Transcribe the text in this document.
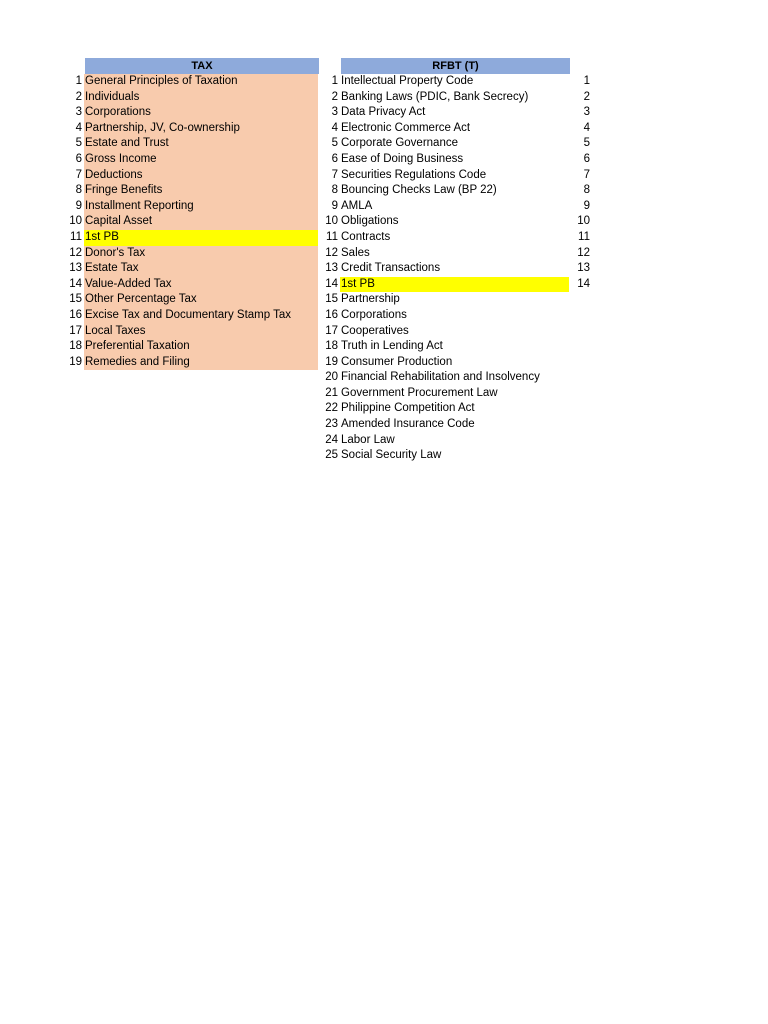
TAX	RFBT (T)
1 General Principles of Taxation
2 Individuals
3 Corporations
4 Partnership, JV, Co-ownership
5 Estate and Trust
6 Gross Income
7 Deductions
8 Fringe Benefits
9 Installment Reporting
10 Capital Asset
11 1st PB
12 Donor's Tax
13 Estate Tax
14 Value-Added Tax
15 Other Percentage Tax
16 Excise Tax and Documentary Stamp Tax
17 Local Taxes
18 Preferential Taxation
19 Remedies and Filing
1 Intellectual Property Code
2 Banking Laws (PDIC, Bank Secrecy)
3 Data Privacy Act
4 Electronic Commerce Act
5 Corporate Governance
6 Ease of Doing Business
7 Securities Regulations Code
8 Bouncing Checks Law (BP 22)
9 AMLA
10 Obligations
11 Contracts
12 Sales
13 Credit Transactions
14 1st PB
15 Partnership
16 Corporations
17 Cooperatives
18 Truth in Lending Act
19 Consumer Production
20 Financial Rehabilitation and Insolvency
21 Government Procurement Law
22 Philippine Competition Act
23 Amended Insurance Code
24 Labor Law
25 Social Security Law
1
2
3
4
5
6
7
8
9
10
11
12
13
14
